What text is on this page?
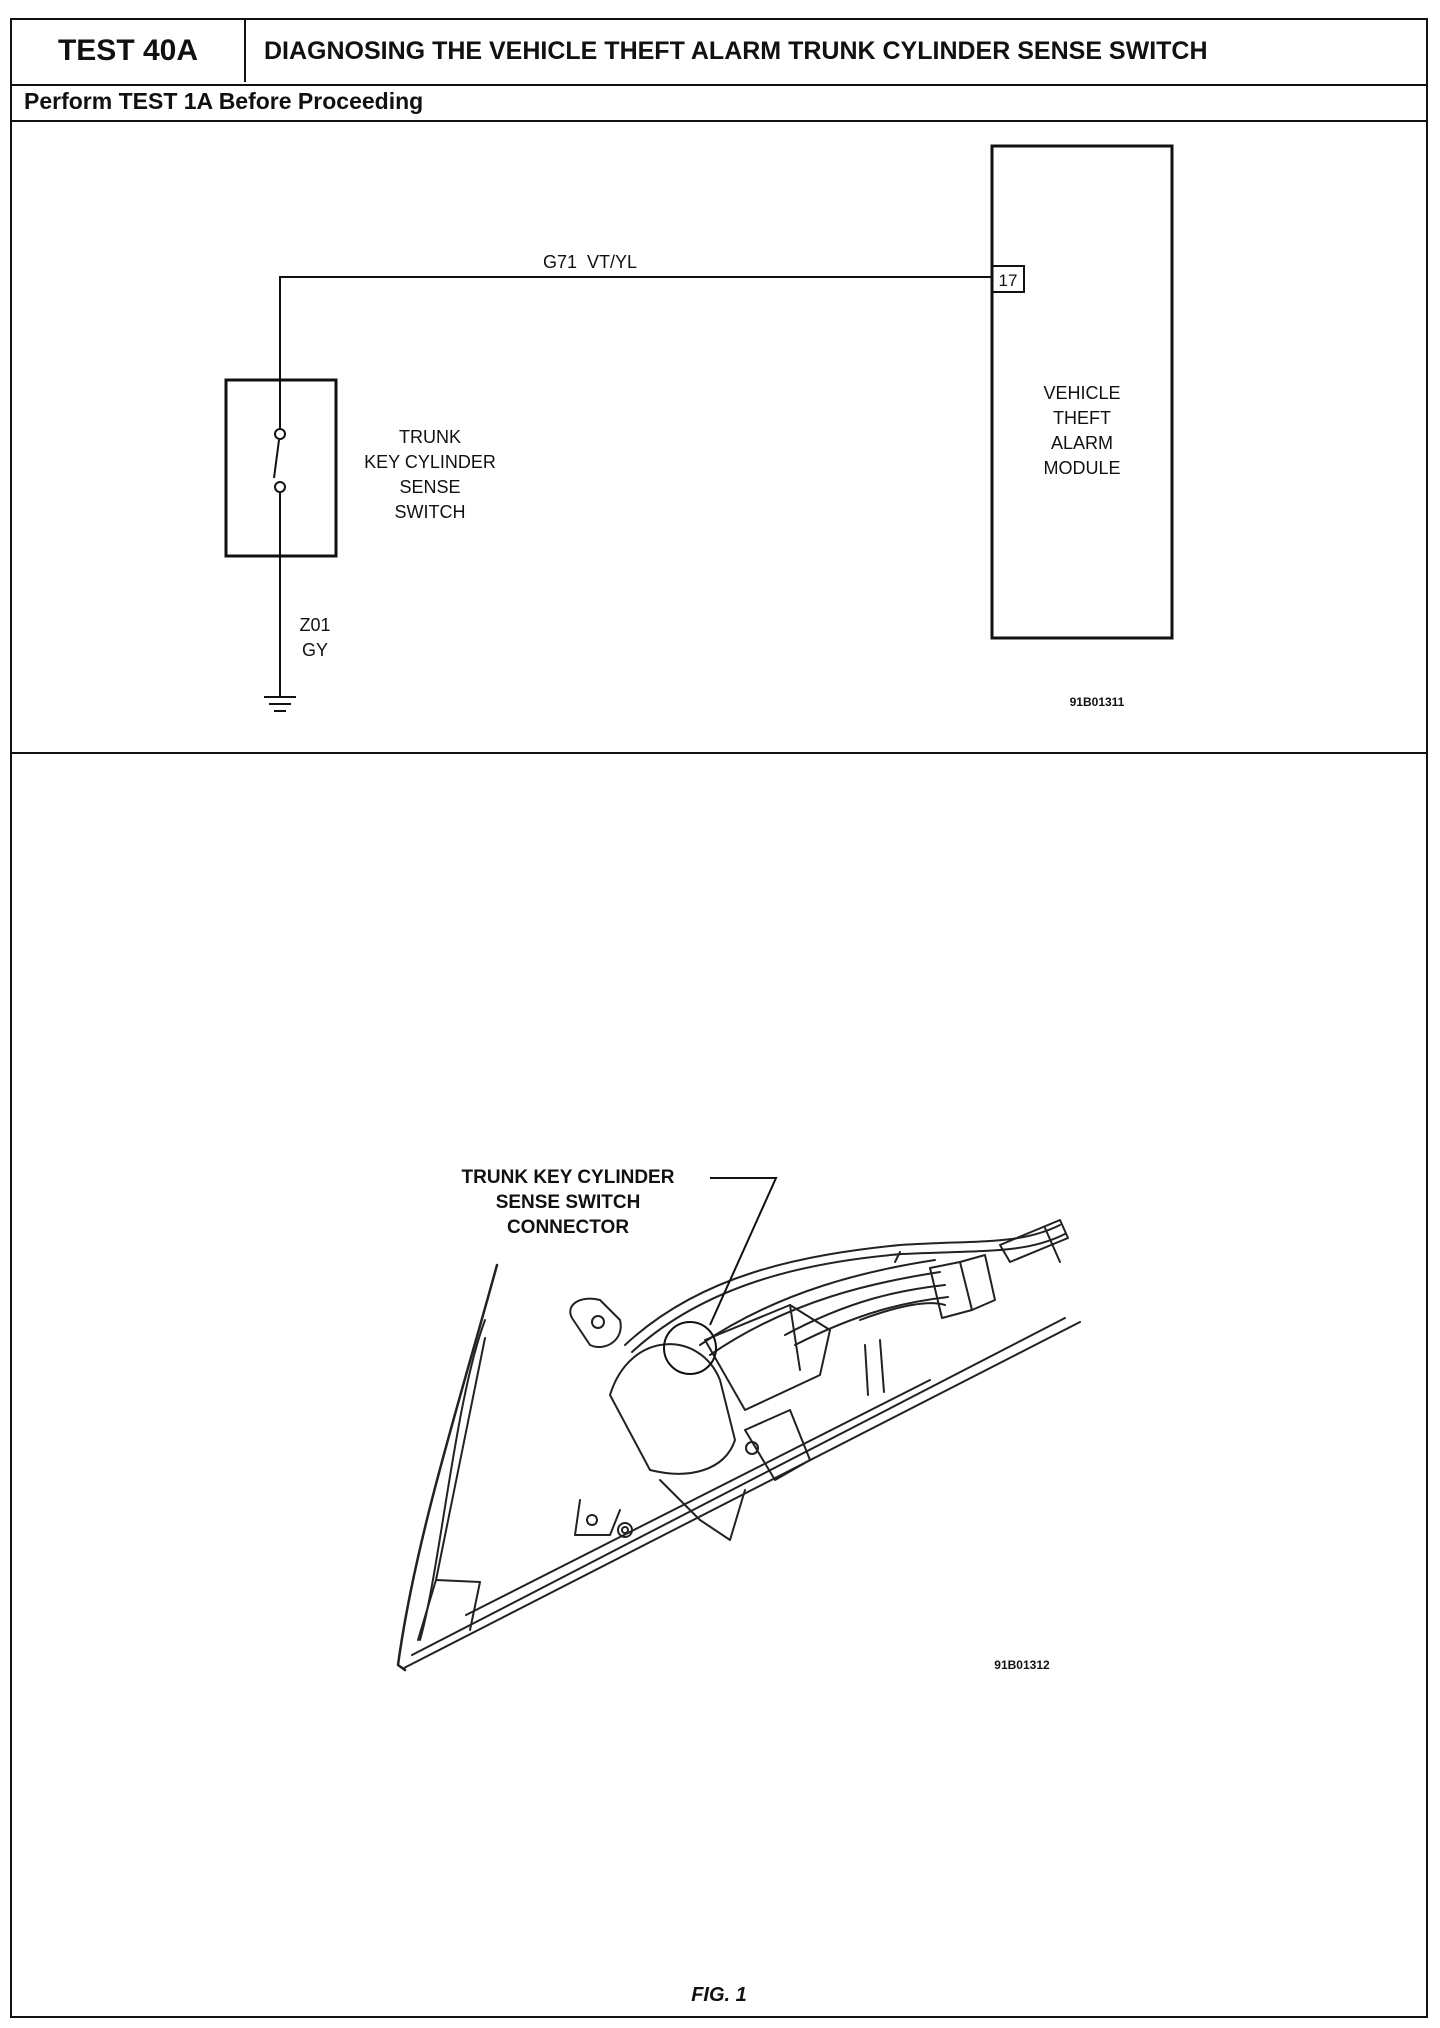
TEST 40A	DIAGNOSING THE VEHICLE THEFT ALARM TRUNK CYLINDER SENSE SWITCH
Perform TEST 1A Before Proceeding
FIG. 1
G71  VT/YL
17
VEHICLE
THEFT
ALARM
MODULE
TRUNK
KEY CYLINDER
SENSE
SWITCH
Z01
GY
91B01311
TRUNK KEY CYLINDER
SENSE SWITCH
CONNECTOR
91B01312
